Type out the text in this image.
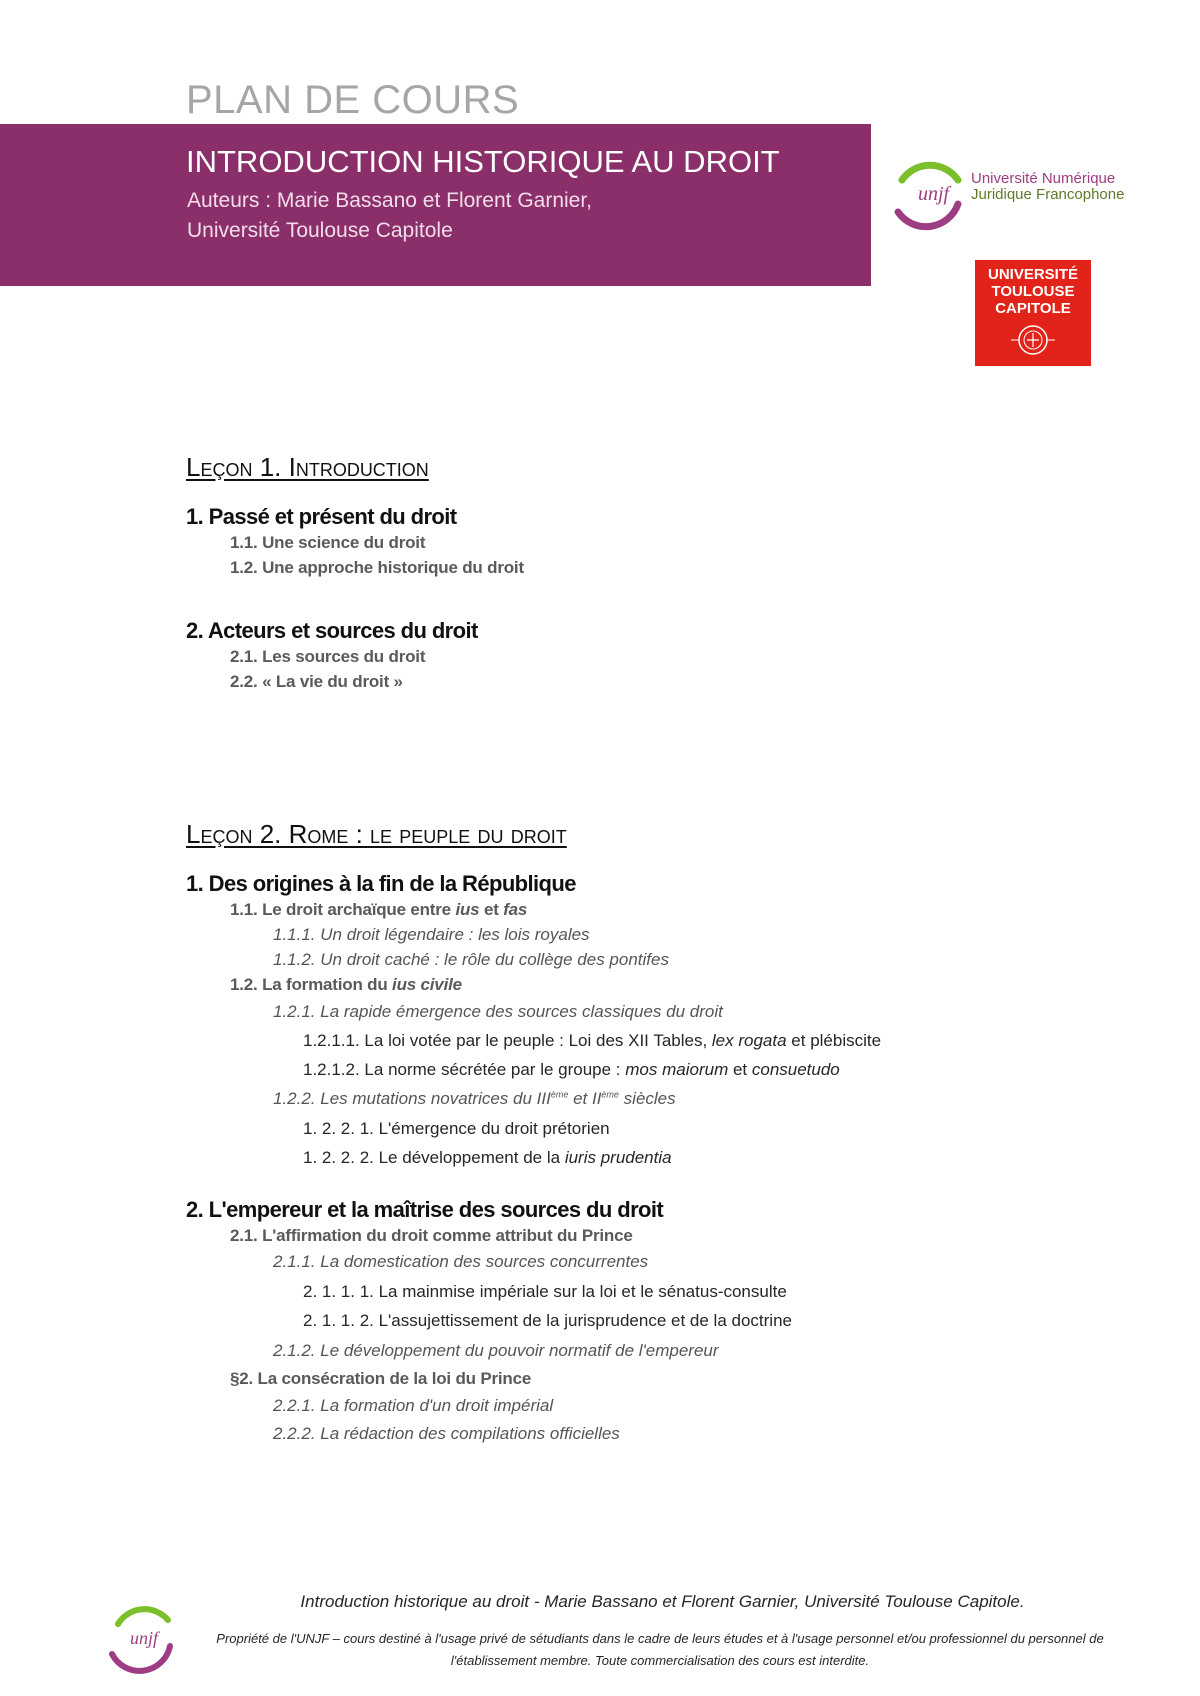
PLAN DE COURS
INTRODUCTION HISTORIQUE AU DROIT
Auteurs : Marie Bassano et Florent Garnier,
Université Toulouse Capitole
unjf
Université Numérique
Juridique Francophone
UNIVERSITÉ
TOULOUSE
CAPITOLE
Leçon 1. Introduction
1. Passé et présent du droit
1.1. Une science du droit
1.2. Une approche historique du droit
2. Acteurs et sources du droit
2.1. Les sources du droit
2.2. « La vie du droit »
Leçon 2. Rome : le peuple du droit
1. Des origines à la fin de la République
1.1. Le droit archaïque entre ius et fas
1.1.1. Un droit légendaire : les lois royales
1.1.2. Un droit caché : le rôle du collège des pontifes
1.2. La formation du ius civile
1.2.1. La rapide émergence des sources classiques du droit
1.2.1.1. La loi votée par le peuple : Loi des XII Tables, lex rogata et plébiscite
1.2.1.2. La norme sécrétée par le groupe : mos maiorum et consuetudo
1.2.2. Les mutations novatrices du IIIème et IIème siècles
1. 2. 2. 1. L'émergence du droit prétorien
1. 2. 2. 2. Le développement de la iuris prudentia
2. L'empereur et la maîtrise des sources du droit
2.1. L'affirmation du droit comme attribut du Prince
2.1.1. La domestication des sources concurrentes
2. 1. 1. 1. La mainmise impériale sur la loi et le sénatus-consulte
2. 1. 1. 2. L'assujettissement de la jurisprudence et de la doctrine
2.1.2. Le développement du pouvoir normatif de l'empereur
§2. La consécration de la loi du Prince
2.2.1. La formation d'un droit impérial
2.2.2. La rédaction des compilations officielles
unjf
Introduction historique au droit - Marie Bassano et Florent Garnier, Université Toulouse Capitole.
Propriété de l'UNJF – cours destiné à l'usage privé de sétudiants dans le cadre de leurs études et à l'usage personnel et/ou professionnel du personnel de l'établissement membre. Toute commercialisation des cours est interdite.
